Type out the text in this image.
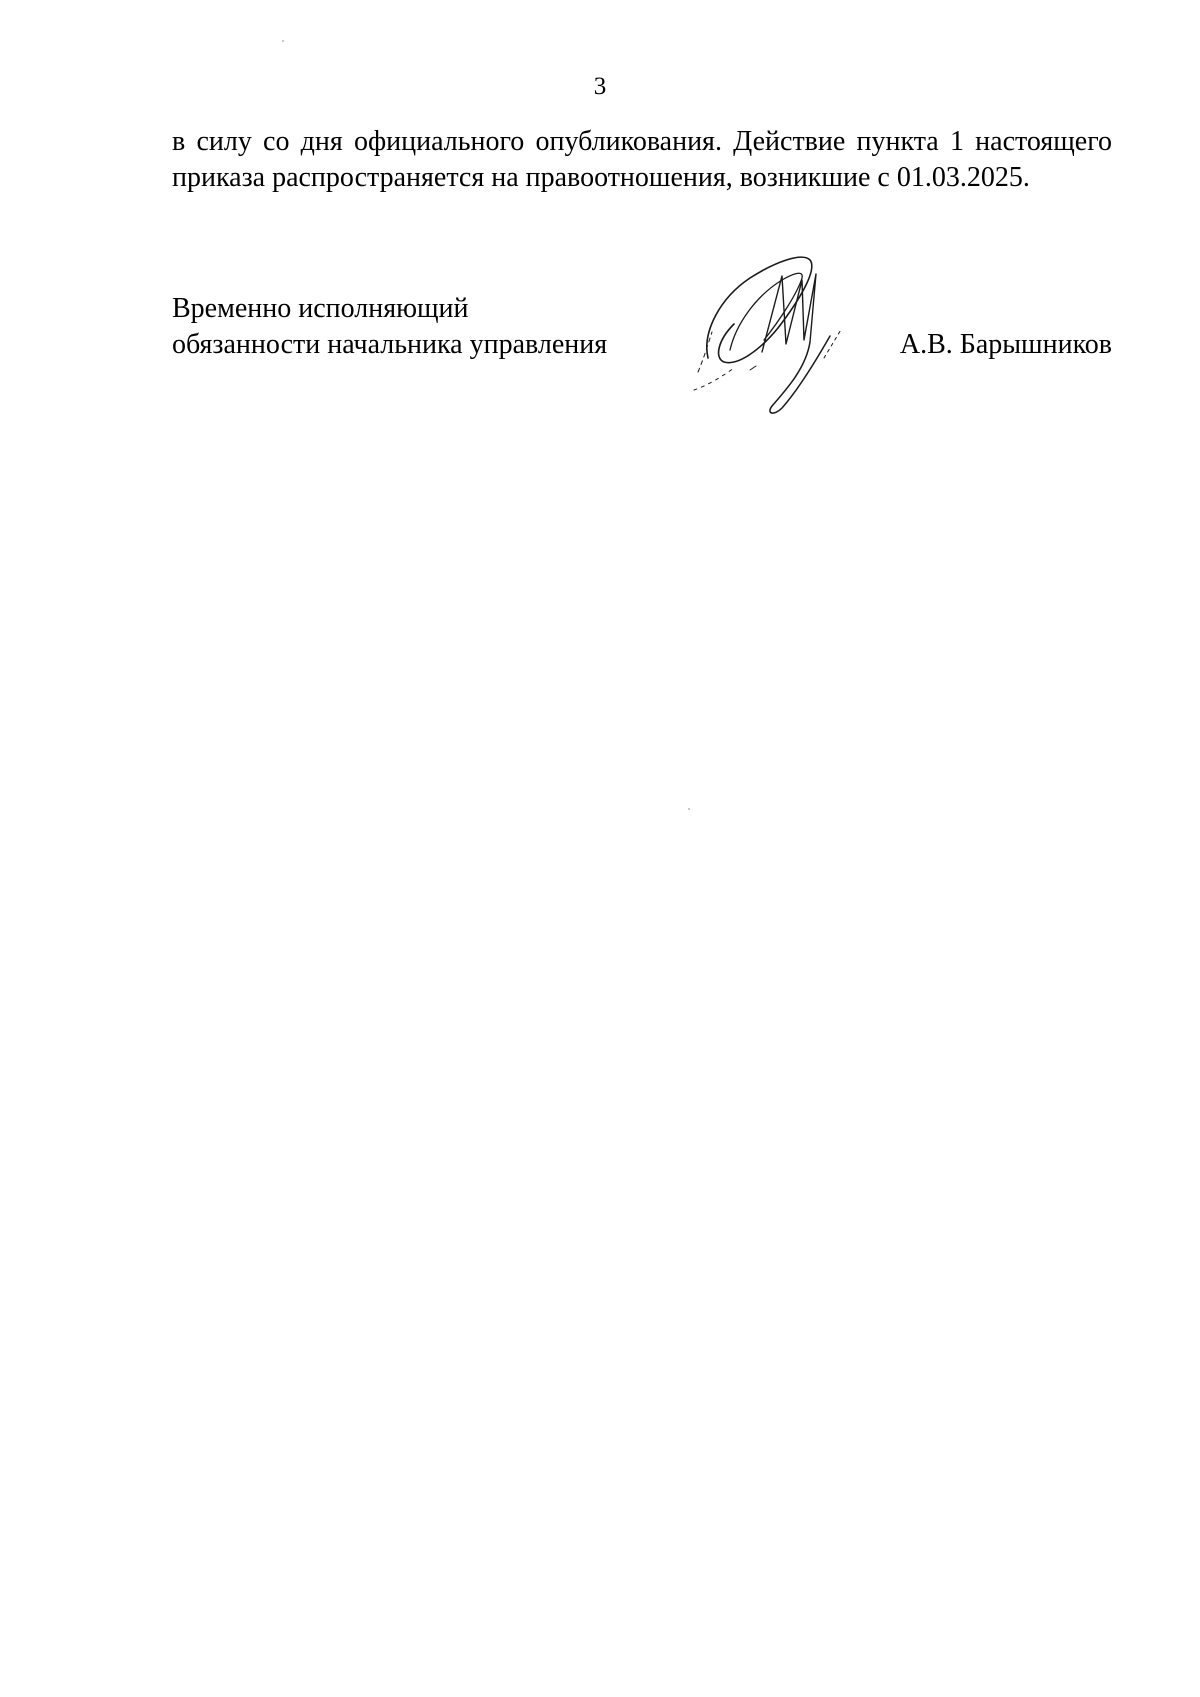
3
в силу со дня официального опубликования. Действие пункта 1 настоящего
приказа распространяется на правоотношения, возникшие с 01.03.2025.
Временно исполняющий
обязанности начальника управления	А.В. Барышников
